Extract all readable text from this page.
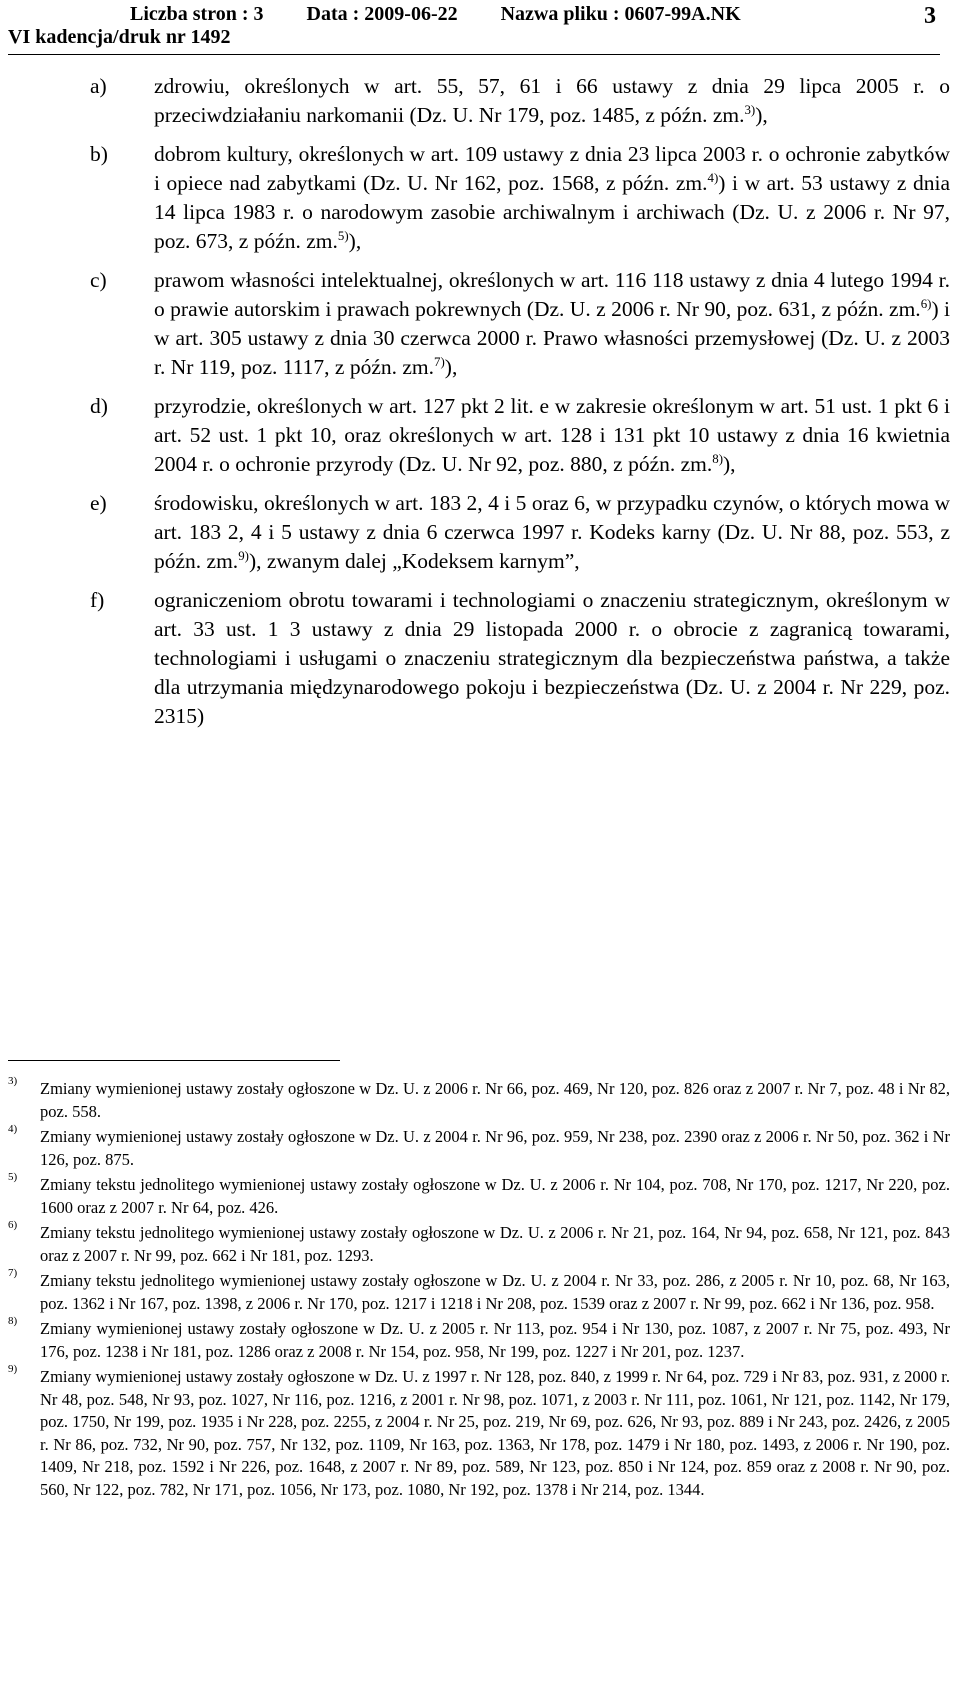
Liczba stron : 3 Data : 2009-06-22 Nazwa pliku : 0607-99A.NK
VI kadencja/druk nr 1492
3
a)	zdrowiu, określonych w art. 55, 57, 61 i 66 ustawy z dnia 29 lipca 2005 r. o przeciwdziałaniu narkomanii (Dz. U. Nr 179, poz. 1485, z późn. zm.$^{3)}$),
b)	dobrom kultury, określonych w art. 109 ustawy z dnia 23 lipca 2003 r. o ochronie zabytków i opiece nad zabytkami (Dz. U. Nr 162, poz. 1568, z późn. zm.$^{4)}$) i w art. 53 ustawy z dnia 14 lipca 1983 r. o narodowym zasobie archiwalnym i archiwach (Dz. U. z 2006 r. Nr 97, poz. 673, z późn. zm.$^{5)}$),
c)	prawom własności intelektualnej, określonych w art. 116 118 ustawy z dnia 4 lutego 1994 r. o prawie autorskim i prawach pokrewnych (Dz. U. z 2006 r. Nr 90, poz. 631, z późn. zm.$^{6)}$) i w art. 305 ustawy z dnia 30 czerwca 2000 r. Prawo własności przemysłowej (Dz. U. z 2003 r. Nr 119, poz. 1117, z późn. zm.$^{7)}$),
d)	przyrodzie, określonych w art. 127 pkt 2 lit. e w zakresie określonym w art. 51 ust. 1 pkt 6 i art. 52 ust. 1 pkt 10, oraz określonych w art. 128 i 131 pkt 10 ustawy z dnia 16 kwietnia 2004 r. o ochronie przyrody (Dz. U. Nr 92, poz. 880, z późn. zm.$^{8)}$),
e)	środowisku, określonych w art. 183 2, 4 i 5 oraz 6, w przypadku czynów, o których mowa w art. 183 2, 4 i 5 ustawy z dnia 6 czerwca 1997 r. Kodeks karny (Dz. U. Nr 88, poz. 553, z późn. zm.$^{9)}$), zwanym dalej „Kodeksem karnym”,
f)	ograniczeniom obrotu towarami i technologiami o znaczeniu strategicznym, określonym w art. 33 ust. 1 3 ustawy z dnia 29 listopada 2000 r. o obrocie z zagranicą towarami, technologiami i usługami o znaczeniu strategicznym dla bezpieczeństwa państwa, a także dla utrzymania międzynarodowego pokoju i bezpieczeństwa (Dz. U. z 2004 r. Nr 229, poz. 2315)
$^{3)}$	Zmiany wymienionej ustawy zostały ogłoszone w Dz. U. z 2006 r. Nr 66, poz. 469, Nr 120, poz. 826 oraz z 2007 r. Nr 7, poz. 48 i Nr 82, poz. 558.
$^{4)}$	Zmiany wymienionej ustawy zostały ogłoszone w Dz. U. z 2004 r. Nr 96, poz. 959, Nr 238, poz. 2390 oraz z 2006 r. Nr 50, poz. 362 i Nr 126, poz. 875.
$^{5)}$	Zmiany tekstu jednolitego wymienionej ustawy zostały ogłoszone w Dz. U. z 2006 r. Nr 104, poz. 708, Nr 170, poz. 1217, Nr 220, poz. 1600 oraz z 2007 r. Nr 64, poz. 426.
$^{6)}$	Zmiany tekstu jednolitego wymienionej ustawy zostały ogłoszone w Dz. U. z 2006 r. Nr 21, poz. 164, Nr 94, poz. 658, Nr 121, poz. 843 oraz z 2007 r. Nr 99, poz. 662 i Nr 181, poz. 1293.
$^{7)}$	Zmiany tekstu jednolitego wymienionej ustawy zostały ogłoszone w Dz. U. z 2004 r. Nr 33, poz. 286, z 2005 r. Nr 10, poz. 68, Nr 163, poz. 1362 i Nr 167, poz. 1398, z 2006 r. Nr 170, poz. 1217 i 1218 i Nr 208, poz. 1539 oraz z 2007 r. Nr 99, poz. 662 i Nr 136, poz. 958.
$^{8)}$	Zmiany wymienionej ustawy zostały ogłoszone w Dz. U. z 2005 r. Nr 113, poz. 954 i Nr 130, poz. 1087, z 2007 r. Nr 75, poz. 493, Nr 176, poz. 1238 i Nr 181, poz. 1286 oraz z 2008 r. Nr 154, poz. 958, Nr 199, poz. 1227 i Nr 201, poz. 1237.
$^{9)}$	Zmiany wymienionej ustawy zostały ogłoszone w Dz. U. z 1997 r. Nr 128, poz. 840, z 1999 r. Nr 64, poz. 729 i Nr 83, poz. 931, z 2000 r. Nr 48, poz. 548, Nr 93, poz. 1027, Nr 116, poz. 1216, z 2001 r. Nr 98, poz. 1071, z 2003 r. Nr 111, poz. 1061, Nr 121, poz. 1142, Nr 179, poz. 1750, Nr 199, poz. 1935 i Nr 228, poz. 2255, z 2004 r. Nr 25, poz. 219, Nr 69, poz. 626, Nr 93, poz. 889 i Nr 243, poz. 2426, z 2005 r. Nr 86, poz. 732, Nr 90, poz. 757, Nr 132, poz. 1109, Nr 163, poz. 1363, Nr 178, poz. 1479 i Nr 180, poz. 1493, z 2006 r. Nr 190, poz. 1409, Nr 218, poz. 1592 i Nr 226, poz. 1648, z 2007 r. Nr 89, poz. 589, Nr 123, poz. 850 i Nr 124, poz. 859 oraz z 2008 r. Nr 90, poz. 560, Nr 122, poz. 782, Nr 171, poz. 1056, Nr 173, poz. 1080, Nr 192, poz. 1378 i Nr 214, poz. 1344.
